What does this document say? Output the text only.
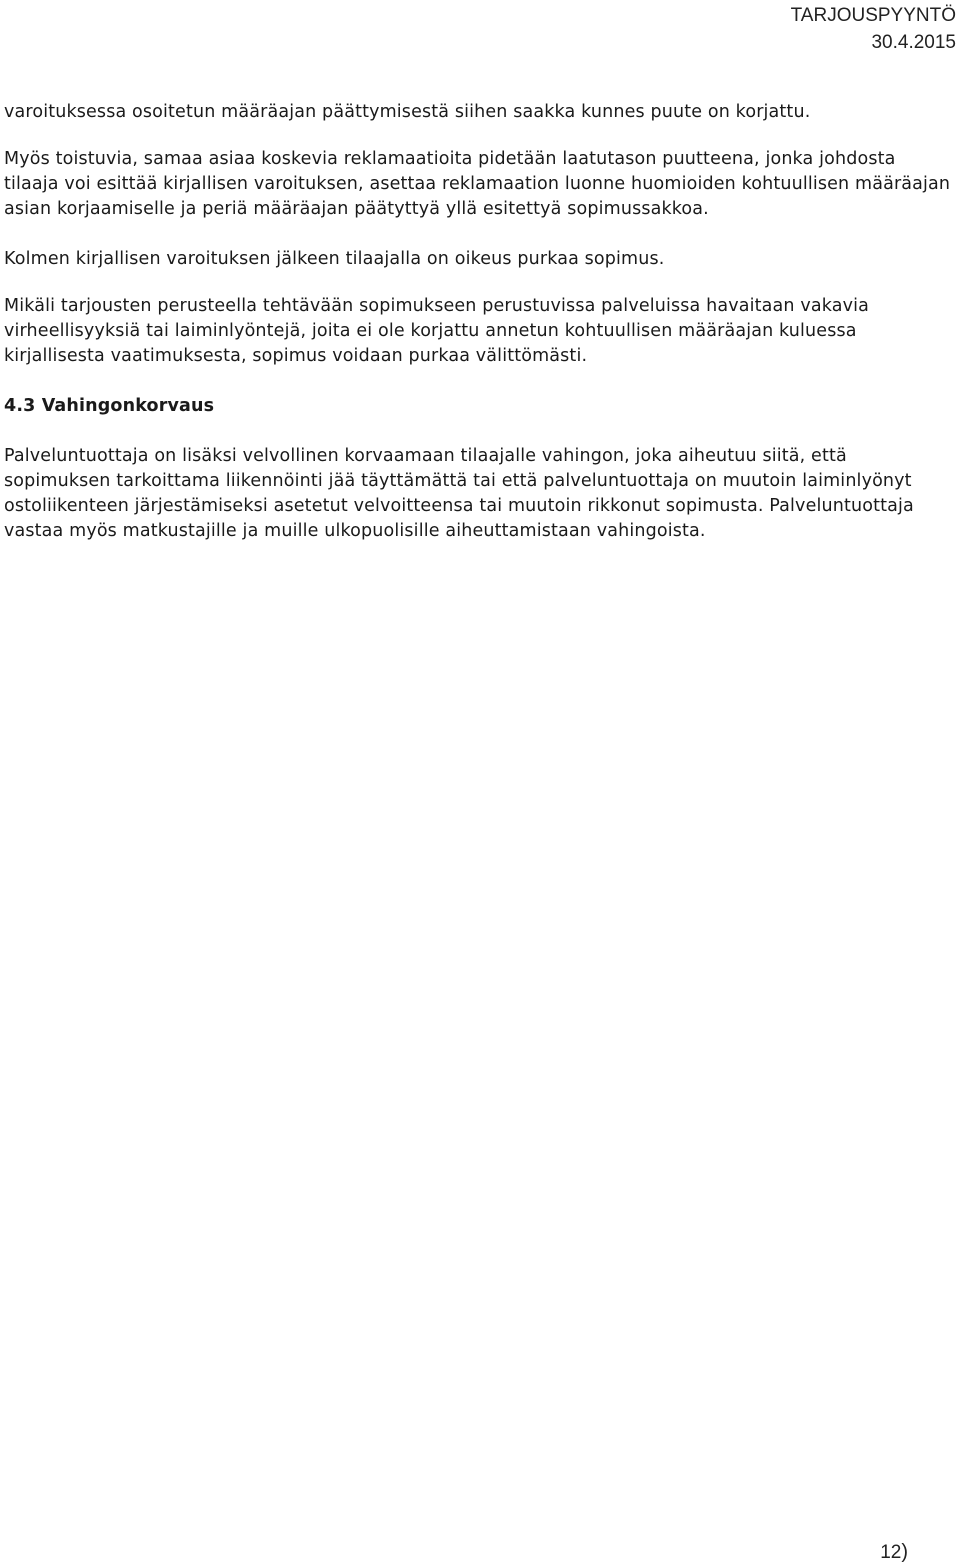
TARJOUSPYYNTÖ
30.4.2015

varoituksessa osoitetun määräajan päättymisestä siihen saakka kunnes puute on korjattu.

Myös toistuvia, samaa asiaa koskevia reklamaatioita pidetään laatutason puutteena, jonka johdosta tilaaja voi esittää kirjallisen varoituksen, asettaa reklamaation luonne huomioiden kohtuullisen määräajan asian korjaamiselle ja periä määräajan päätyttyä yllä esitettyä sopimussakkoa.

Kolmen kirjallisen varoituksen jälkeen tilaajalla on oikeus purkaa sopimus.

Mikäli tarjousten perusteella tehtävään sopimukseen perustuvissa palveluissa havaitaan vakavia virheellisyyksiä tai laiminlyöntejä, joita ei ole korjattu annetun kohtuullisen määräajan kuluessa kirjallisesta vaatimuksesta, sopimus voidaan purkaa välittömästi.

4.3 Vahingonkorvaus

Palveluntuottaja on lisäksi velvollinen korvaamaan tilaajalle vahingon, joka aiheutuu siitä, että sopimuksen tarkoittama liikennöinti jää täyttämättä tai että palveluntuottaja on muutoin laiminlyönyt ostoliikenteen järjestämiseksi asetetut velvoitteensa tai muutoin rikkonut sopimusta. Palveluntuottaja vastaa myös matkustajille ja muille ulkopuolisille aiheuttamistaan vahingoista.

12)
